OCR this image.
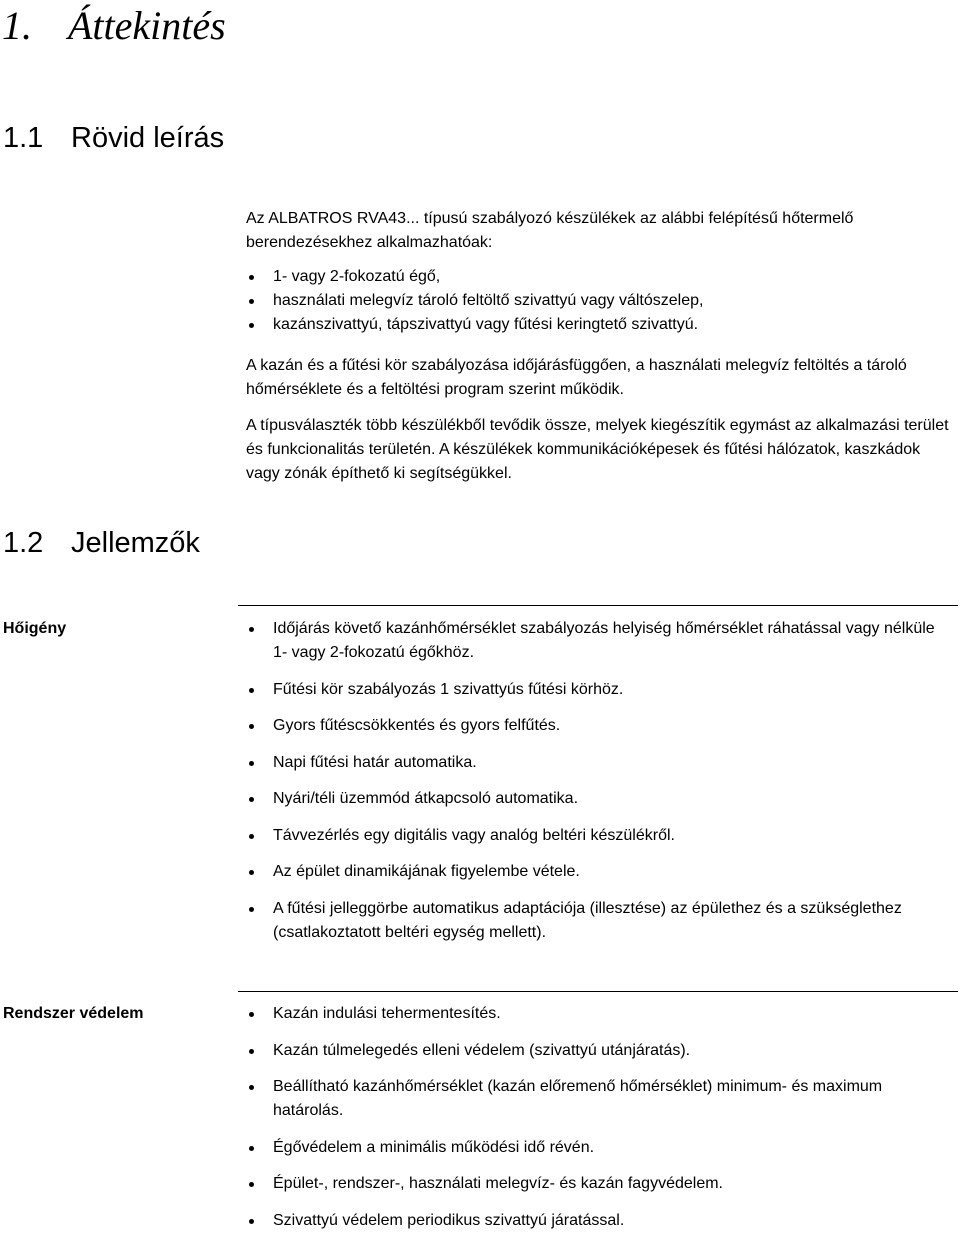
1. Áttekintés
1.1 Rövid leírás

Az ALBATROS RVA43... típusú szabályozó készülékek az alábbi felépítésű hőtermelő berendezésekhez alkalmazhatóak:

1- vagy 2-fokozatú égő,
használati melegvíz tároló feltöltő szivattyú vagy váltószelep,
kazánszivattyú, tápszivattyú vagy fűtési keringtető szivattyú.

A kazán és a fűtési kör szabályozása időjárásfüggően, a használati melegvíz feltöltés a tároló hőmérséklete és a feltöltési program szerint működik.

A típusválaszték több készülékből tevődik össze, melyek kiegészítik egymást az alkalmazási terület és funkcionalitás területén. A készülékek kommunikációképesek és fűtési hálózatok, kaszkádok vagy zónák építhető ki segítségükkel.

1.2 Jellemzők

Hőigény	Időjárás követő kazánhőmérséklet szabályozás helyiség hőmérséklet ráhatással vagy nélküle 1- vagy 2-fokozatú égőkhöz.
Fűtési kör szabályozás 1 szivattyús fűtési körhöz.
Gyors fűtéscsökkentés és gyors felfűtés.
Napi fűtési határ automatika.
Nyári/téli üzemmód átkapcsoló automatika.
Távvezérlés egy digitális vagy analóg beltéri készülékről.
Az épület dinamikájának figyelembe vétele.
A fűtési jelleggörbe automatikus adaptációja (illesztése) az épülethez és a szükséglethez (csatlakoztatott beltéri egység mellett).

Rendszer védelem	Kazán indulási tehermentesítés.
Kazán túlmelegedés elleni védelem (szivattyú utánjáratás).
Beállítható kazánhőmérséklet (kazán előremenő hőmérséklet) minimum- és maximum határolás.
Égővédelem a minimális működési idő révén.
Épület-, rendszer-, használati melegvíz- és kazán fagyvédelem.
Szivattyú védelem periodikus szivattyú járatással.
